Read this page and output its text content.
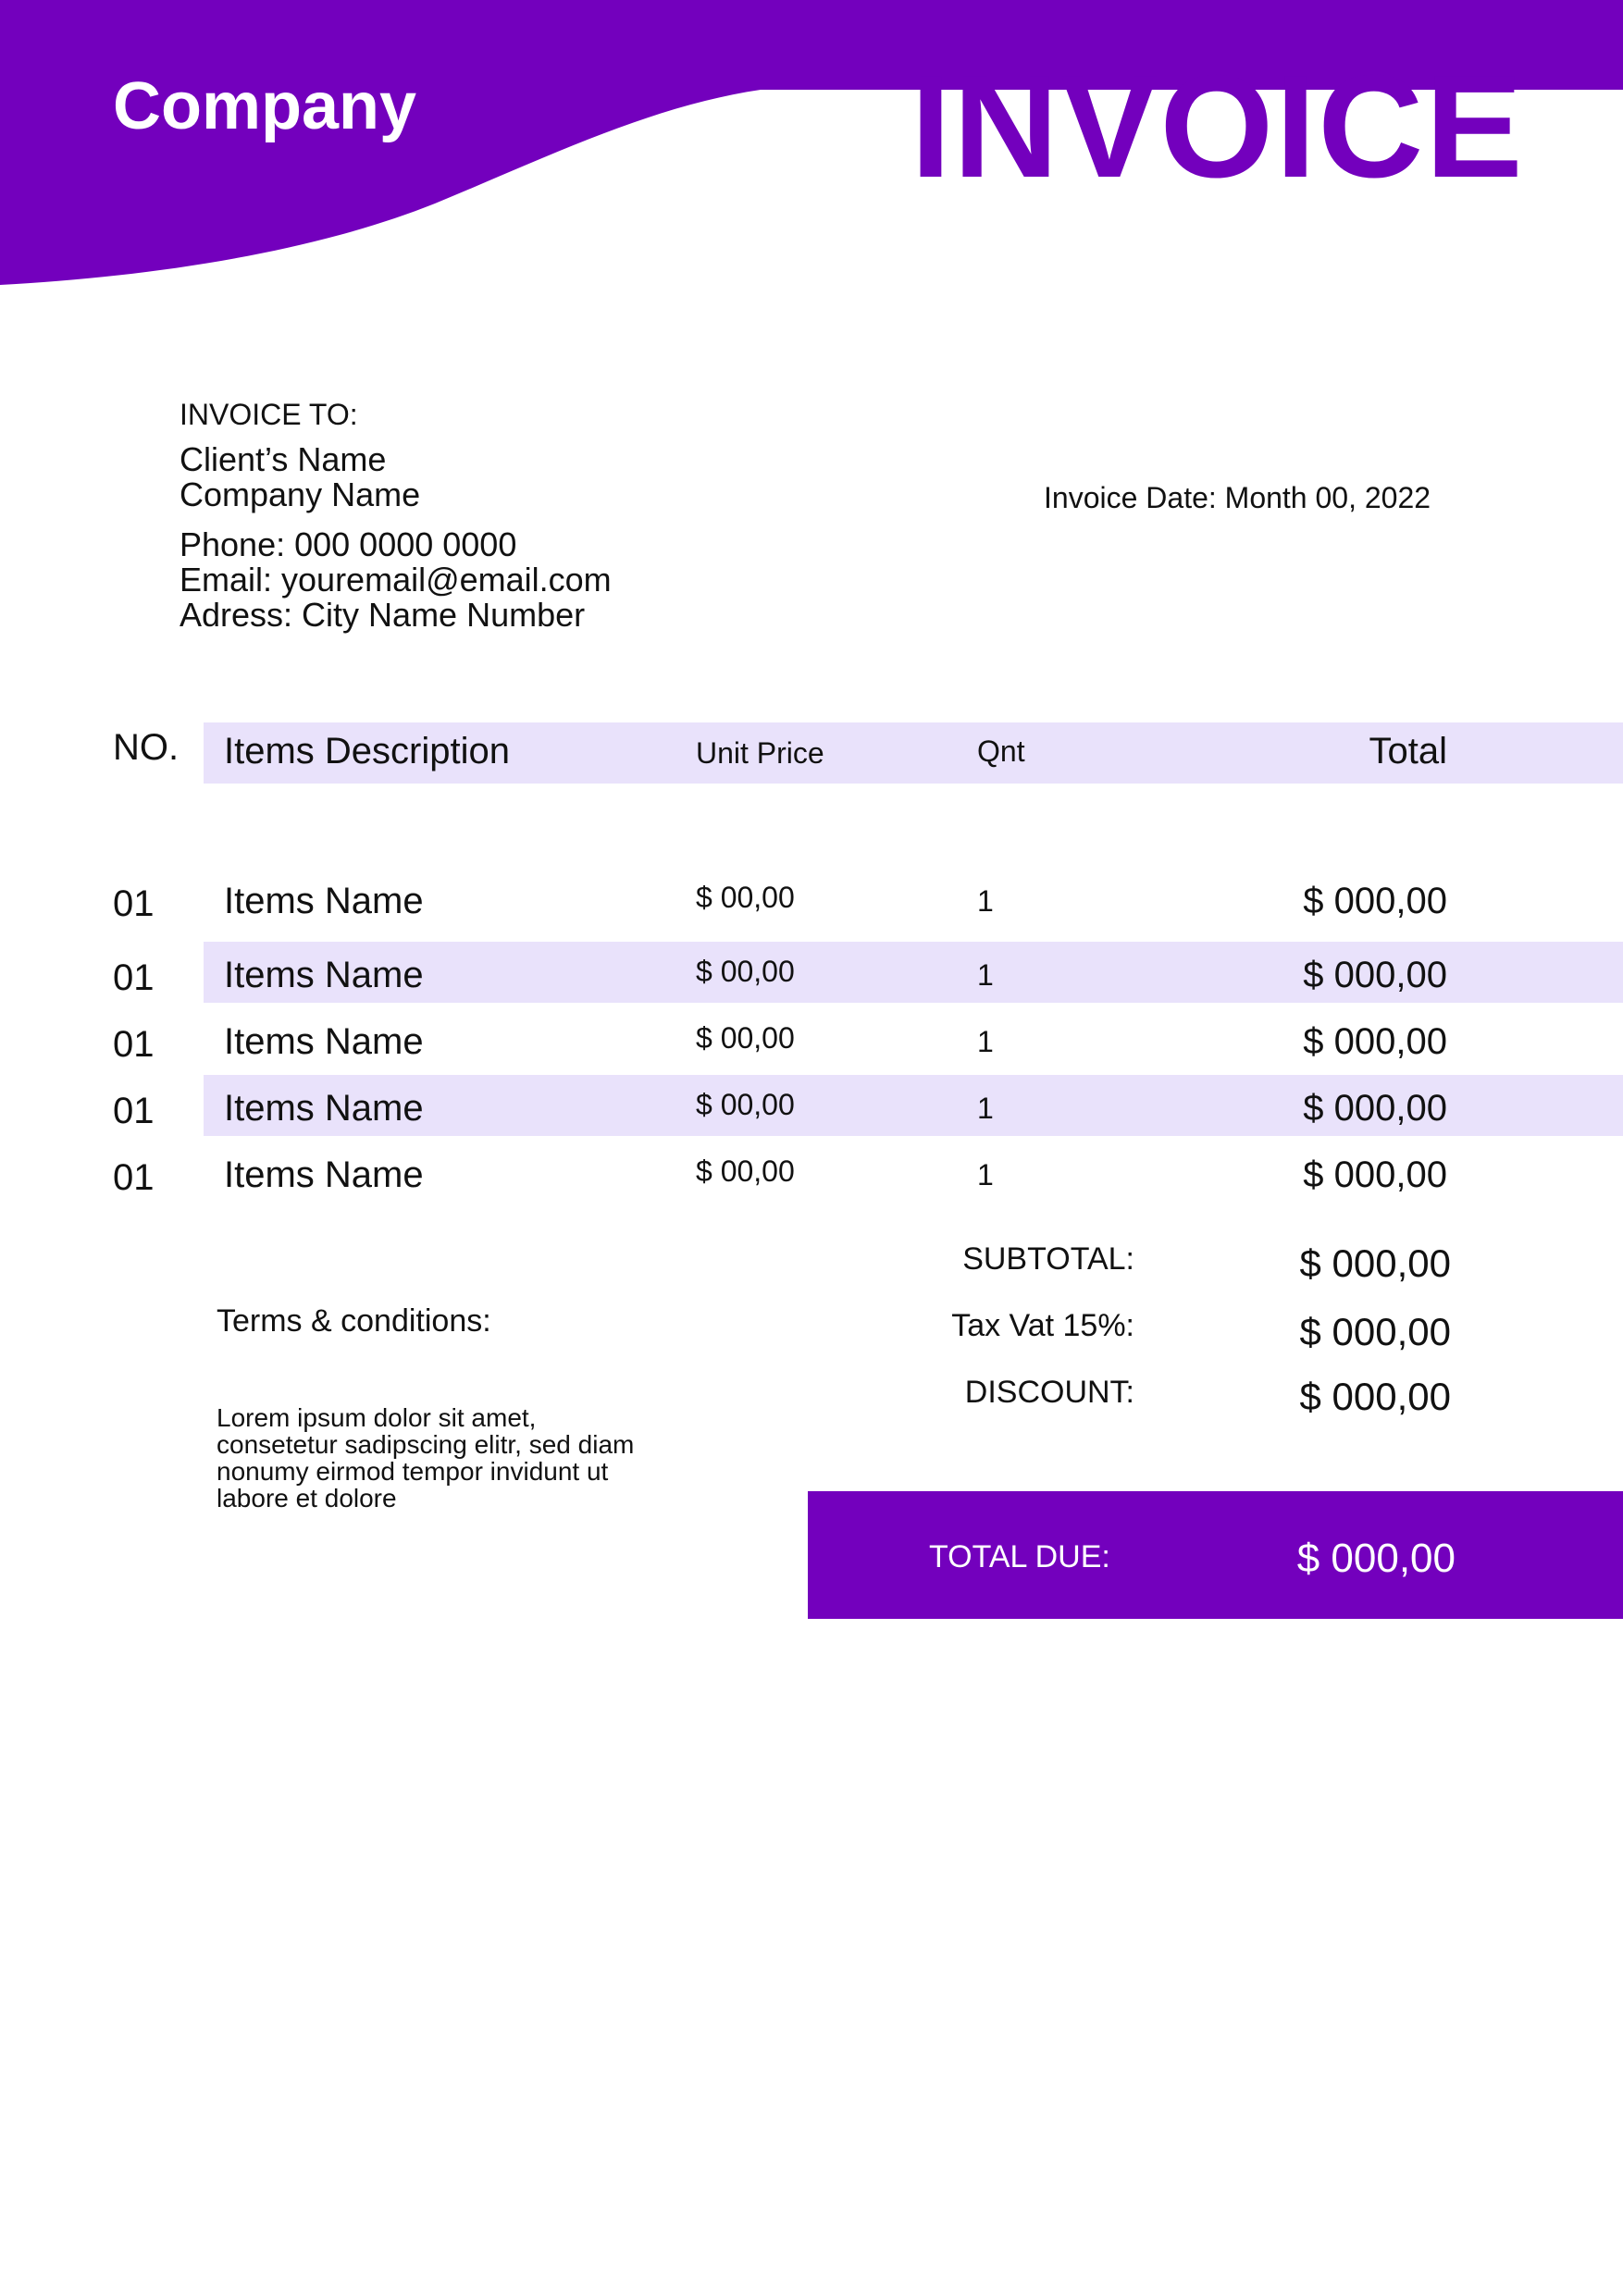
Company	INVOICE
INVOICE TO:
Client’s Name
Company Name
Phone: 000 0000 0000
Email: youremail@email.com
Adress: City Name Number
Invoice Date: Month 00, 2022
NO. Items Description	Unit Price	Qnt	Total
01 Items Name	$ 00,00	1	$ 000,00
01 Items Name	$ 00,00	1	$ 000,00
01 Items Name	$ 00,00	1	$ 000,00
01 Items Name	$ 00,00	1	$ 000,00
01 Items Name	$ 00,00	1	$ 000,00
SUBTOTAL:	$ 000,00
Tax Vat 15%:	$ 000,00
DISCOUNT:	$ 000,00
Terms & conditions:
Lorem ipsum dolor sit amet, consetetur sadipscing elitr, sed diam nonumy eirmod tempor invidunt ut labore et dolore
TOTAL DUE:	$ 000,00
